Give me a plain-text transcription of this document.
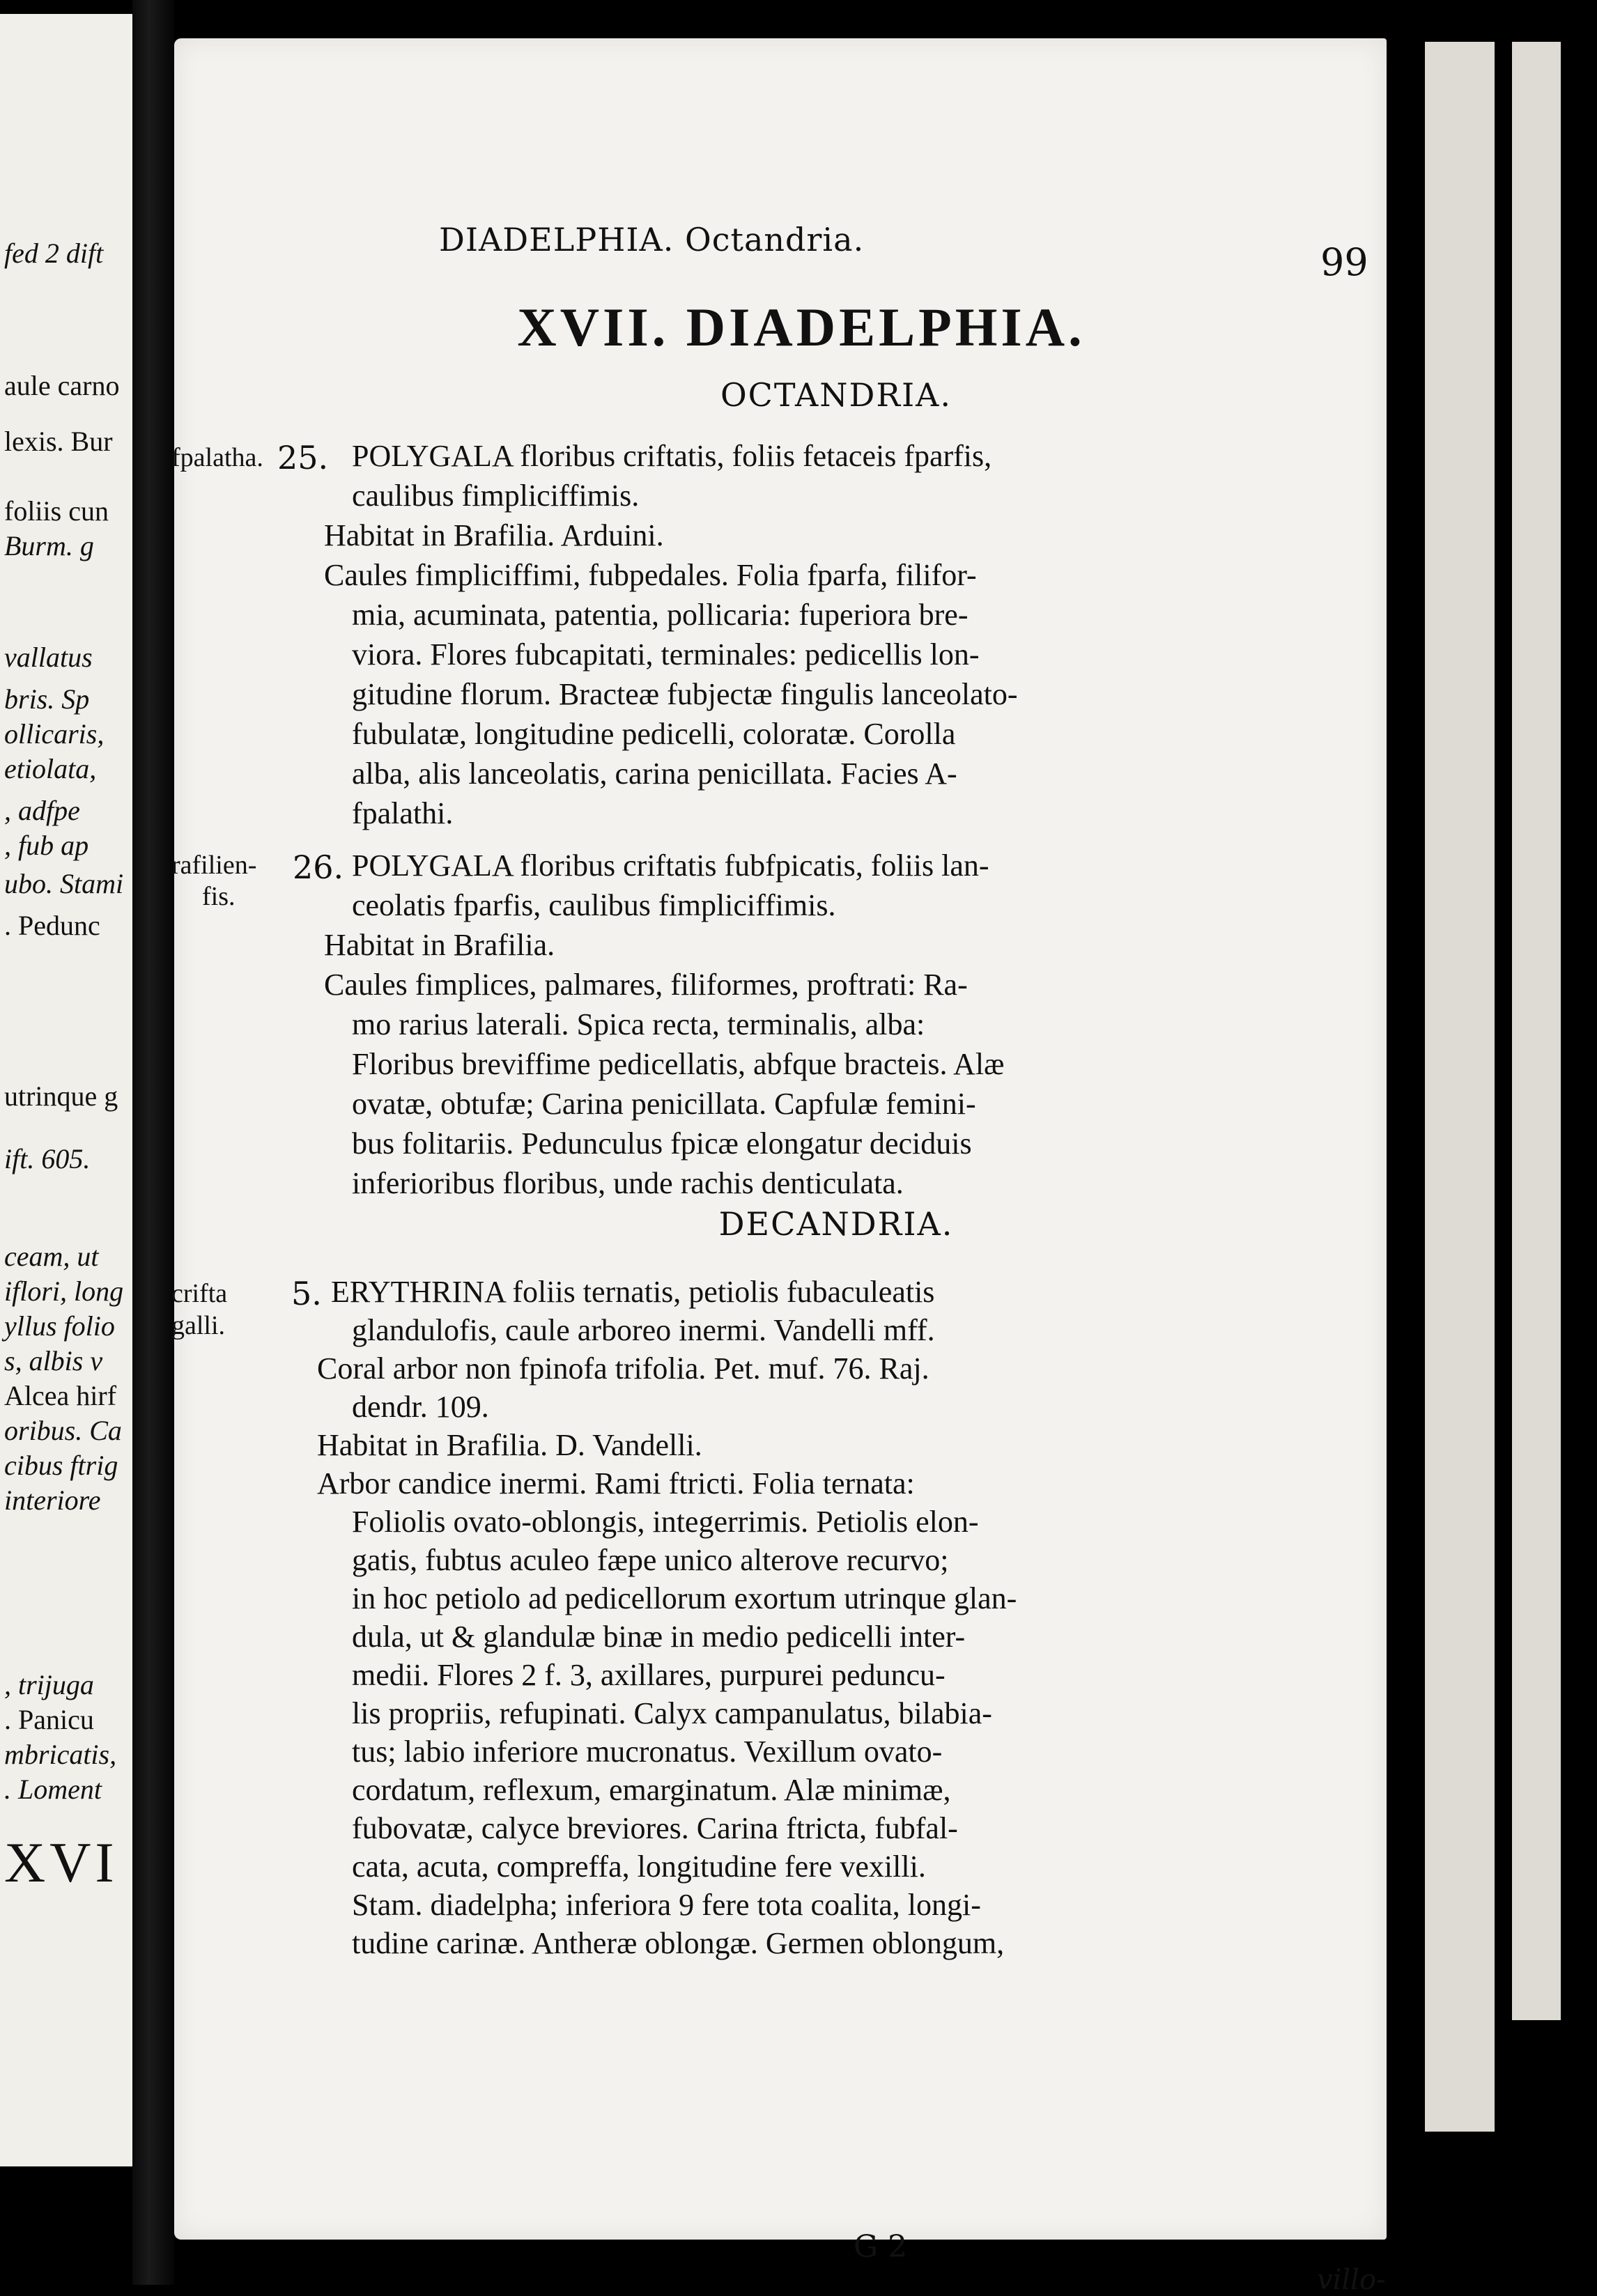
fed 2 dift
aule carno
lexis. Bur
foliis cun
Burm. g
vallatus
bris. Sp
ollicaris,
etiolata,
, adfpe
, fub ap
ubo. Stami
. Pedunc
utrinque g
ift. 605.
ceam, ut
iflori, long
yllus folio
s, albis v
Alcea hirf
oribus. Ca
cibus ftrig
interiore
, trijuga
. Panicu
mbricatis,
. Loment
XVI
DIADELPHIA. Octandria.
99
XVII. DIADELPHIA.
OCTANDRIA.
fpalatha. 25. POLYGALA floribus criftatis, foliis fetaceis fparfis,
caulibus fimpliciffimis.
Habitat in Brafilia. Arduini.
Caules fimpliciffimi, fubpedales. Folia fparfa, filifor-
mia, acuminata, patentia, pollicaria: fuperiora bre-
viora. Flores fubcapitati, terminales: pedicellis lon-
gitudine florum. Bracteæ fubjectæ fingulis lanceolato-
fubulatæ, longitudine pedicelli, coloratæ. Corolla
alba, alis lanceolatis, carina penicillata. Facies A-
fpalathi.
rafilien-
fis.
26. POLYGALA floribus criftatis fubfpicatis, foliis lan-
ceolatis fparfis, caulibus fimpliciffimis.
Habitat in Brafilia.
Caules fimplices, palmares, filiformes, proftrati: Ra-
mo rarius laterali. Spica recta, terminalis, alba:
Floribus breviffime pedicellatis, abfque bracteis. Alæ
ovatæ, obtufæ; Carina penicillata. Capfulæ femini-
bus folitariis. Pedunculus fpicæ elongatur deciduis
inferioribus floribus, unde rachis denticulata.
DECANDRIA.
crifta
galli.
5. ERYTHRINA foliis ternatis, petiolis fubaculeatis
glandulofis, caule arboreo inermi. Vandelli mff.
Coral arbor non fpinofa trifolia. Pet. muf. 76. Raj.
dendr. 109.
Habitat in Brafilia. D. Vandelli.
Arbor candice inermi. Rami ftricti. Folia ternata:
Foliolis ovato-oblongis, integerrimis. Petiolis elon-
gatis, fubtus aculeo fæpe unico alterove recurvo;
in hoc petiolo ad pedicellorum exortum utrinque glan-
dula, ut & glandulæ binæ in medio pedicelli inter-
medii. Flores 2 f. 3, axillares, purpurei peduncu-
lis propriis, refupinati. Calyx campanulatus, bilabia-
tus; labio inferiore mucronatus. Vexillum ovato-
cordatum, reflexum, emarginatum. Alæ minimæ,
fubovatæ, calyce breviores. Carina ftricta, fubfal-
cata, acuta, compreffa, longitudine fere vexilli.
Stam. diadelpha; inferiora 9 fere tota coalita, longi-
tudine carinæ. Antheræ oblongæ. Germen oblongum,
G 2
villo-
